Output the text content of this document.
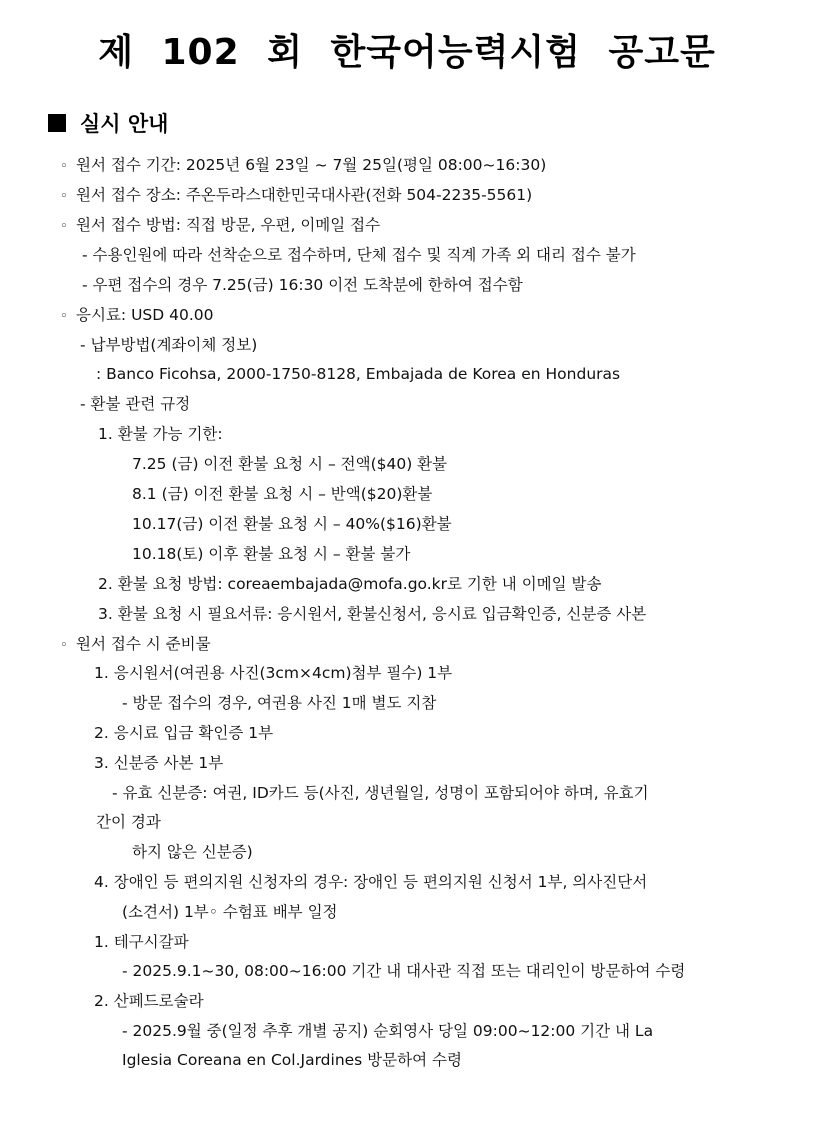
제 102 회 한국어능력시험 공고문
실시 안내
◦ 원서 접수 기간: 2025년 6월 23일 ~ 7월 25일(평일 08:00~16:30)
◦ 원서 접수 장소: 주온두라스대한민국대사관(전화 504-2235-5561)
◦ 원서 접수 방법: 직접 방문, 우편, 이메일 접수
- 수용인원에 따라 선착순으로 접수하며, 단체 접수 및 직계 가족 외 대리 접수 불가
- 우편 접수의 경우 7.25(금) 16:30 이전 도착분에 한하여 접수함
◦ 응시료: USD 40.00
- 납부방법(계좌이체 정보)
: Banco Ficohsa, 2000-1750-8128, Embajada de Korea en Honduras
- 환불 관련 규정
1. 환불 가능 기한:
7.25 (금) 이전 환불 요청 시 – 전액($40) 환불
8.1 (금) 이전 환불 요청 시 – 반액($20)환불
10.17(금) 이전 환불 요청 시 – 40%($16)환불
10.18(토) 이후 환불 요청 시 – 환불 불가
2. 환불 요청 방법: coreaembajada@mofa.go.kr로 기한 내 이메일 발송
3. 환불 요청 시 필요서류: 응시원서, 환불신청서, 응시료 입금확인증, 신분증 사본
◦ 원서 접수 시 준비물
1. 응시원서(여권용 사진(3cm×4cm)첨부 필수) 1부
- 방문 접수의 경우, 여권용 사진 1매 별도 지참
2. 응시료 입금 확인증 1부
3. 신분증 사본 1부
- 유효 신분증: 여권, ID카드 등(사진, 생년월일, 성명이 포함되어야 하며, 유효기
간이 경과
하지 않은 신분증)
4. 장애인 등 편의지원 신청자의 경우: 장애인 등 편의지원 신청서 1부, 의사진단서
(소견서) 1부◦ 수험표 배부 일정
1. 테구시갈파
- 2025.9.1~30, 08:00~16:00 기간 내 대사관 직접 또는 대리인이 방문하여 수령
2. 산페드로술라
- 2025.9월 중(일정 추후 개별 공지) 순회영사 당일 09:00~12:00 기간 내 La
Iglesia Coreana en Col.Jardines 방문하여 수령
